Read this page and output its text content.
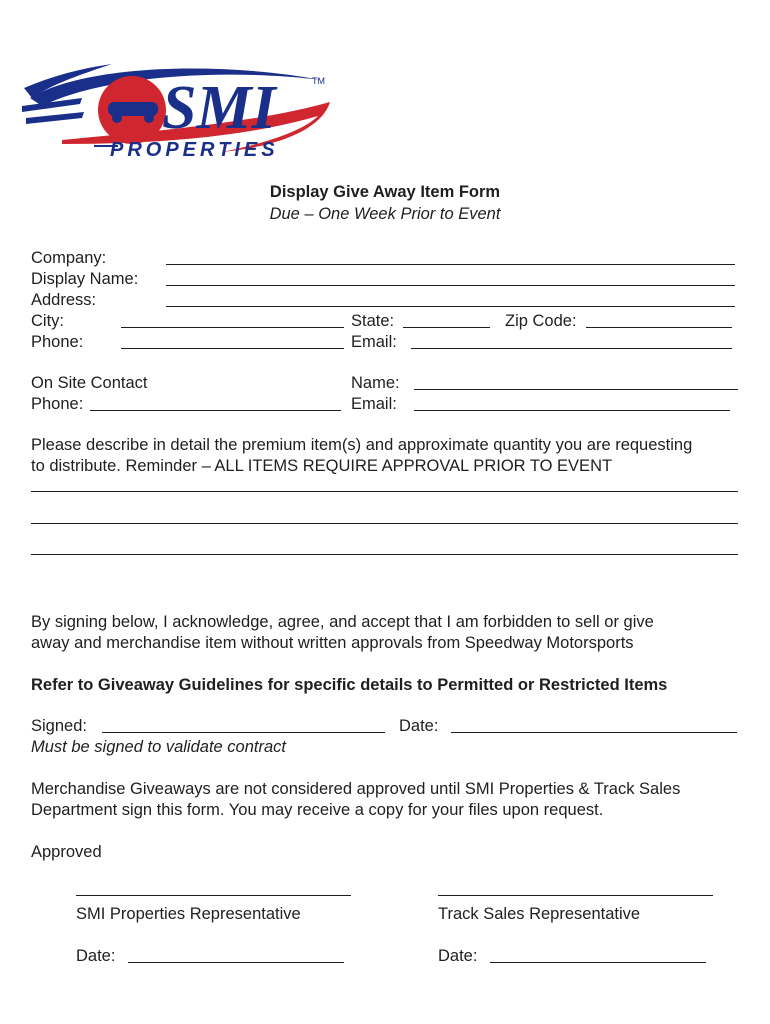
SMI	TM
PROPERTIES
Display Give Away Item Form
Due – One Week Prior to Event
Company:
Display Name:
Address:
City:	State:	Zip Code:
Phone:	Email:
On Site Contact	Name:
Phone:	Email:
Please describe in detail the premium item(s) and approximate quantity you are requesting
to distribute. Reminder – ALL ITEMS REQUIRE APPROVAL PRIOR TO EVENT
By signing below, I acknowledge, agree, and accept that I am forbidden to sell or give
away and merchandise item without written approvals from Speedway Motorsports
Refer to Giveaway Guidelines for specific details to Permitted or Restricted Items
Signed:	Date:
Must be signed to validate contract
Merchandise Giveaways are not considered approved until SMI Properties & Track Sales
Department sign this form. You may receive a copy for your files upon request.
Approved
SMI Properties Representative
Date:
Track Sales Representative
Date:
